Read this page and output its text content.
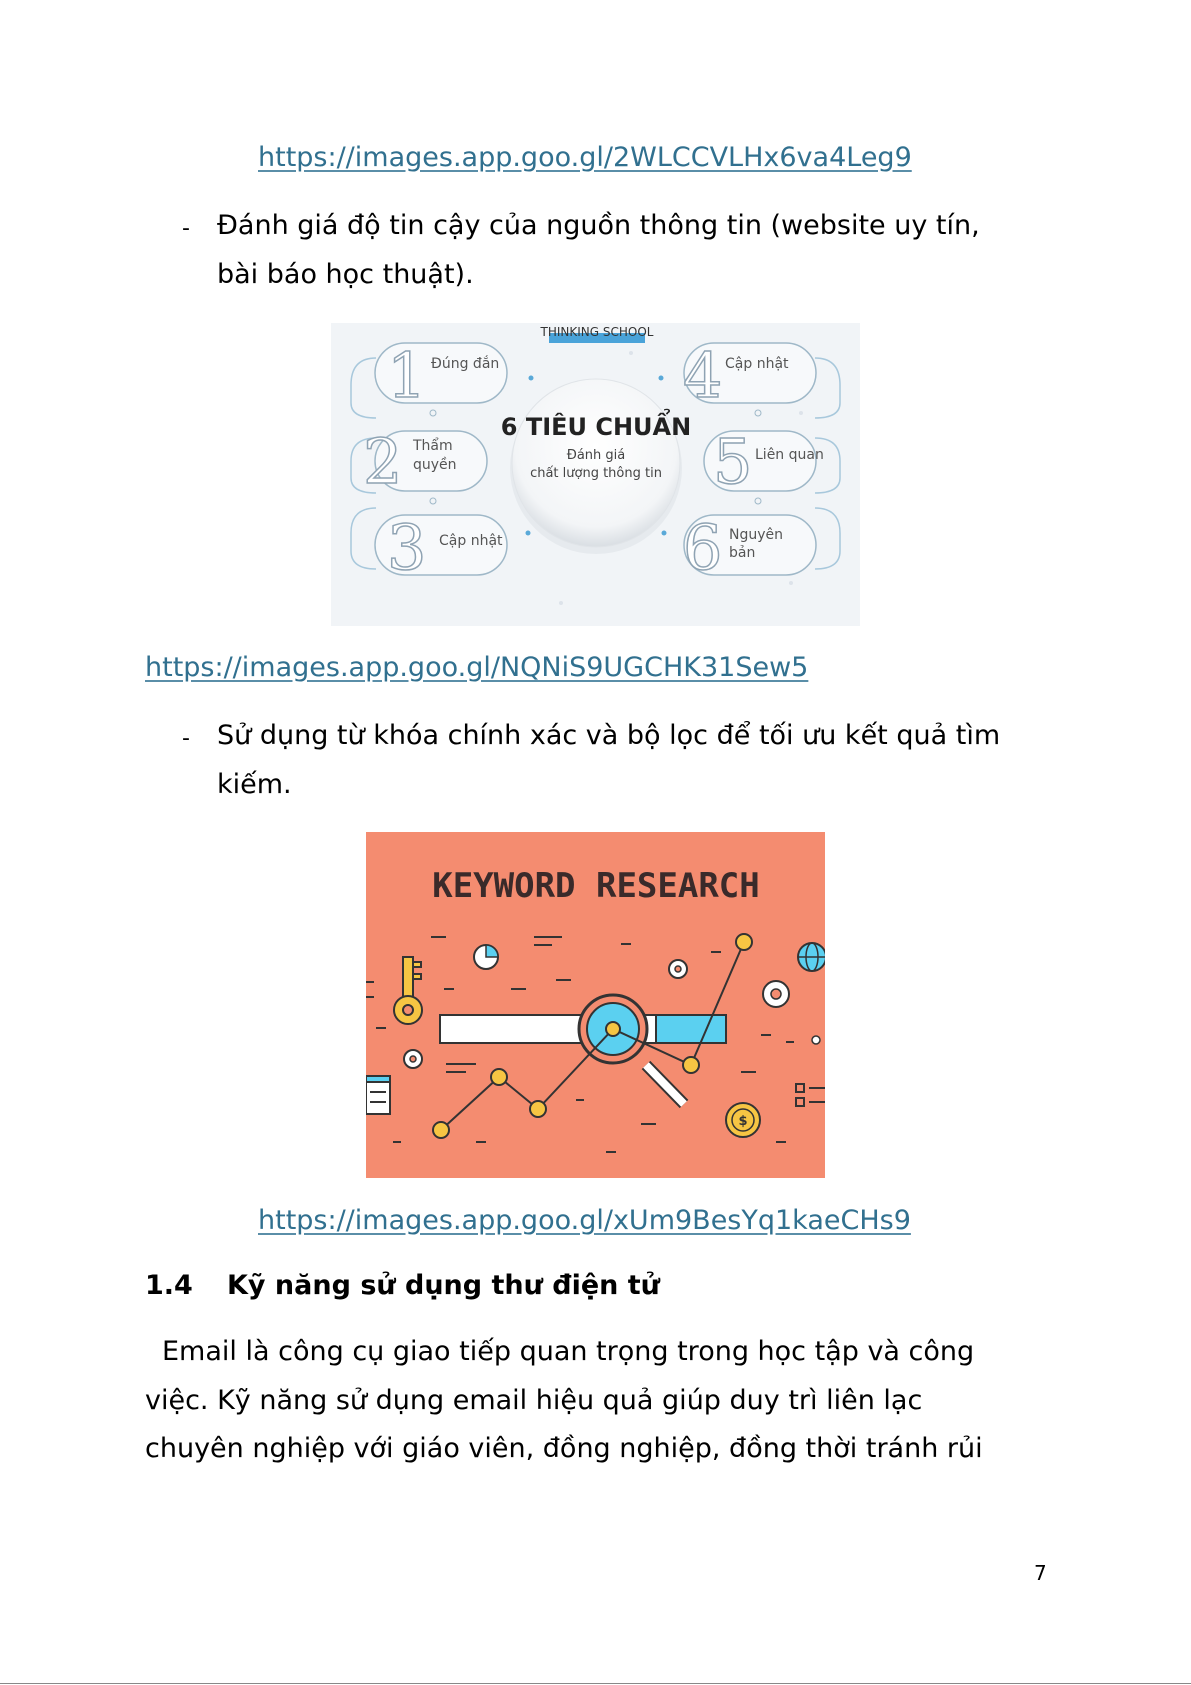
https://images.app.goo.gl/2WLCCVLHx6va4Leg9
- Đánh giá độ tin cậy của nguồn thông tin (website uy tín,
bài báo học thuật).
THINKING SCHOOL
1
2
3
4
5
6
Đúng đắn
Thẩm
quyền
Cập nhật
Cập nhật
Liên quan
Nguyên
bản
6 TIÊU CHUẨN
Đánh giá
chất lượng thông tin
https://images.app.goo.gl/NQNiS9UGCHK31Sew5
- Sử dụng từ khóa chính xác và bộ lọc để tối ưu kết quả tìm
kiếm.
KEYWORD RESEARCH
$
https://images.app.goo.gl/xUm9BesYq1kaeCHs9
1.4 Kỹ năng sử dụng thư điện tử
Email là công cụ giao tiếp quan trọng trong học tập và công
việc. Kỹ năng sử dụng email hiệu quả giúp duy trì liên lạc
chuyên nghiệp với giáo viên, đồng nghiệp, đồng thời tránh rủi
7
